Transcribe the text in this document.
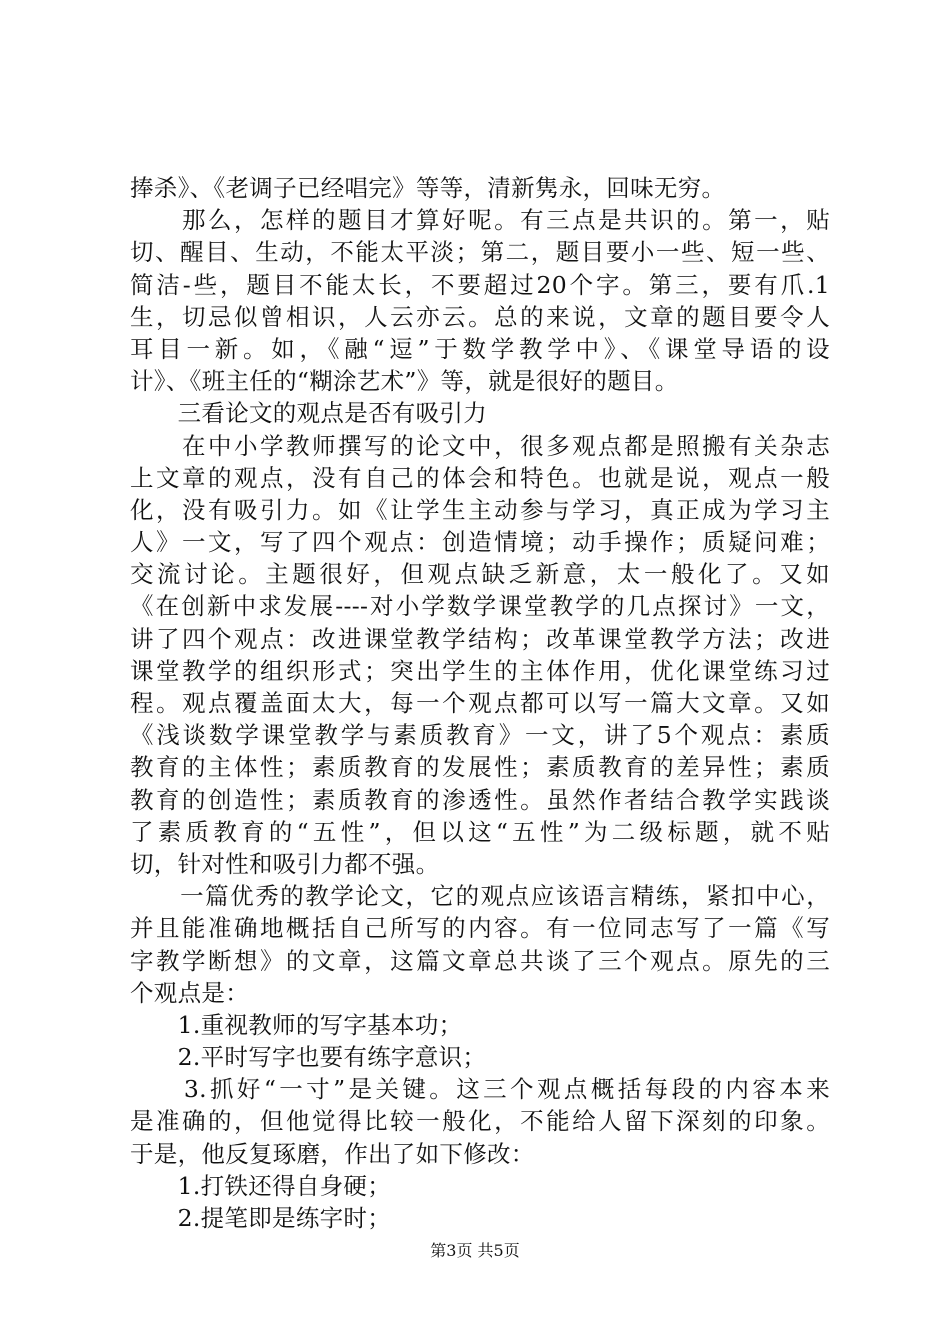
捧杀》、《老调子已经唱完》等等，清新隽永，回味无穷。
　　那么，怎样的题目才算好呢。有三点是共识的。第一，贴
切、醒目、生动，不能太平淡；第二，题目要小一些、短一些、
简洁-些，题目不能太长，不要超过20个字。第三，要有爪.1
生，切忌似曾相识，人云亦云。总的来说，文章的题目要令人
耳目一新。如，《融“逗”于数学教学中》、《课堂导语的设
计》、《班主任的“糊涂艺术”》等，就是很好的题目。
　　三看论文的观点是否有吸引力
　　在中小学教师撰写的论文中，很多观点都是照搬有关杂志
上文章的观点，没有自己的体会和特色。也就是说，观点一般
化，没有吸引力。如《让学生主动参与学习，真正成为学习主
人》一文，写了四个观点：创造情境；动手操作；质疑问难；
交流讨论。主题很好，但观点缺乏新意，太一般化了。又如
《在创新中求发展----对小学数学课堂教学的几点探讨》一文，
讲了四个观点：改进课堂教学结构；改革课堂教学方法；改进
课堂教学的组织形式；突出学生的主体作用，优化课堂练习过
程。观点覆盖面太大，每一个观点都可以写一篇大文章。又如
《浅谈数学课堂教学与素质教育》一文，讲了5个观点：素质
教育的主体性；素质教育的发展性；素质教育的差异性；素质
教育的创造性；素质教育的渗透性。虽然作者结合教学实践谈
了素质教育的“五性”，但以这“五性”为二级标题，就不贴
切，针对性和吸引力都不强。
　　一篇优秀的教学论文，它的观点应该语言精练，紧扣中心，
并且能准确地概括自己所写的内容。有一位同志写了一篇《写
字教学断想》的文章，这篇文章总共谈了三个观点。原先的三
个观点是：
　　1.重视教师的写字基本功；
　　2.平时写字也要有练字意识；
　　3.抓好“一寸”是关键。这三个观点概括每段的内容本来
是准确的，但他觉得比较一般化，不能给人留下深刻的印象。
于是，他反复琢磨，作出了如下修改：
　　1.打铁还得自身硬；
　　2.提笔即是练字时；
第3页 共5页
